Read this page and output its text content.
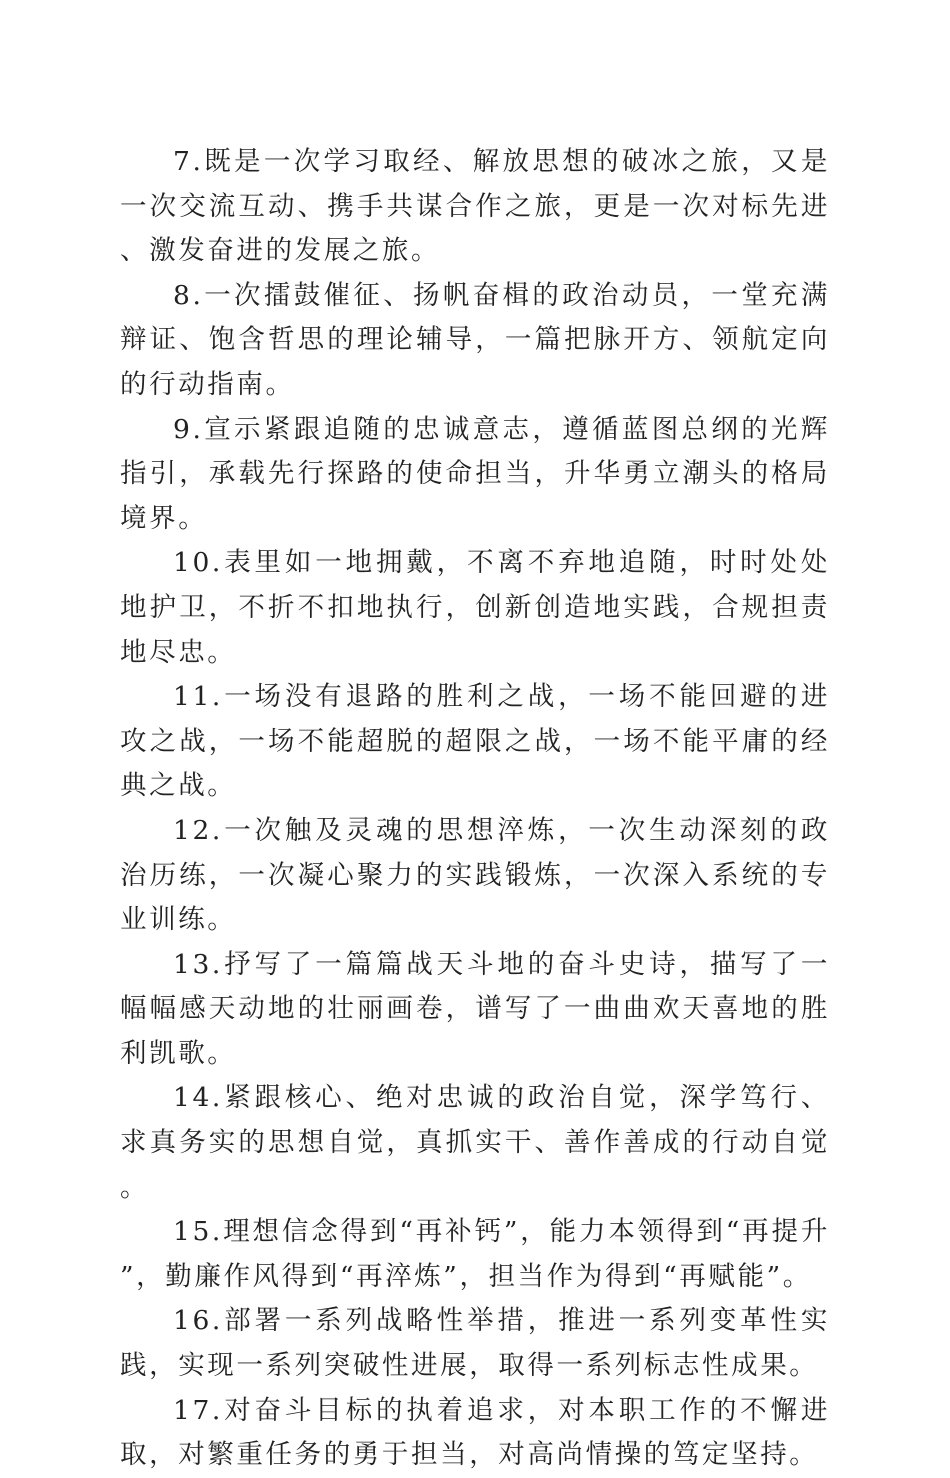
7.既是一次学习取经、解放思想的破冰之旅，又是一次交流互动、携手共谋合作之旅，更是一次对标先进、激发奋进的发展之旅。

8.一次擂鼓催征、扬帆奋楫的政治动员，一堂充满辩证、饱含哲思的理论辅导，一篇把脉开方、领航定向的行动指南。

9.宣示紧跟追随的忠诚意志，遵循蓝图总纲的光辉指引，承载先行探路的使命担当，升华勇立潮头的格局境界。

10.表里如一地拥戴，不离不弃地追随，时时处处地护卫，不折不扣地执行，创新创造地实践，合规担责地尽忠。

11.一场没有退路的胜利之战，一场不能回避的进攻之战，一场不能超脱的超限之战，一场不能平庸的经典之战。

12.一次触及灵魂的思想淬炼，一次生动深刻的政治历练，一次凝心聚力的实践锻炼，一次深入系统的专业训练。

13.抒写了一篇篇战天斗地的奋斗史诗，描写了一幅幅感天动地的壮丽画卷，谱写了一曲曲欢天喜地的胜利凯歌。

14.紧跟核心、绝对忠诚的政治自觉，深学笃行、求真务实的思想自觉，真抓实干、善作善成的行动自觉。

15.理想信念得到“再补钙”，能力本领得到“再提升”，勤廉作风得到“再淬炼”，担当作为得到“再赋能”。

16.部署一系列战略性举措，推进一系列变革性实践，实现一系列突破性进展，取得一系列标志性成果。

17.对奋斗目标的执着追求，对本职工作的不懈进取，对繁重任务的勇于担当，对高尚情操的笃定坚持。
